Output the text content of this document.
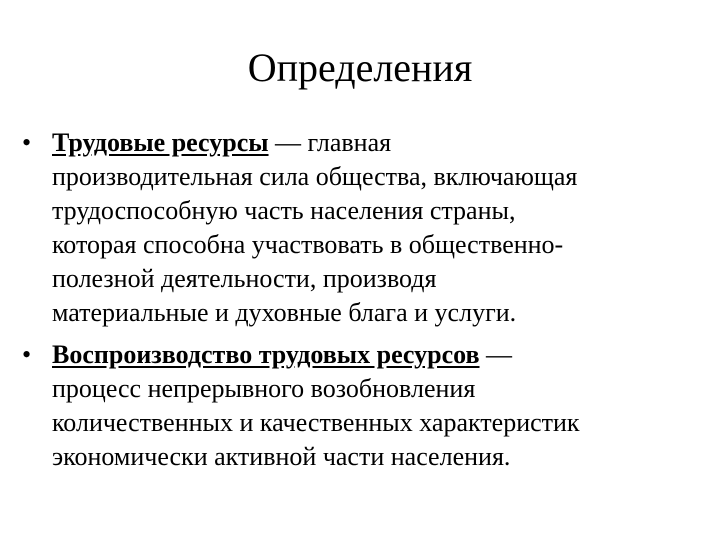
Определения
• Трудовые ресурсы — главная
производительная сила общества, включающая
трудоспособную часть населения страны,
которая способна участвовать в общественно-
полезной деятельности, производя
материальные и духовные блага и услуги.
• Воспроизводство трудовых ресурсов —
процесс непрерывного возобновления
количественных и качественных характеристик
экономически активной части населения.
